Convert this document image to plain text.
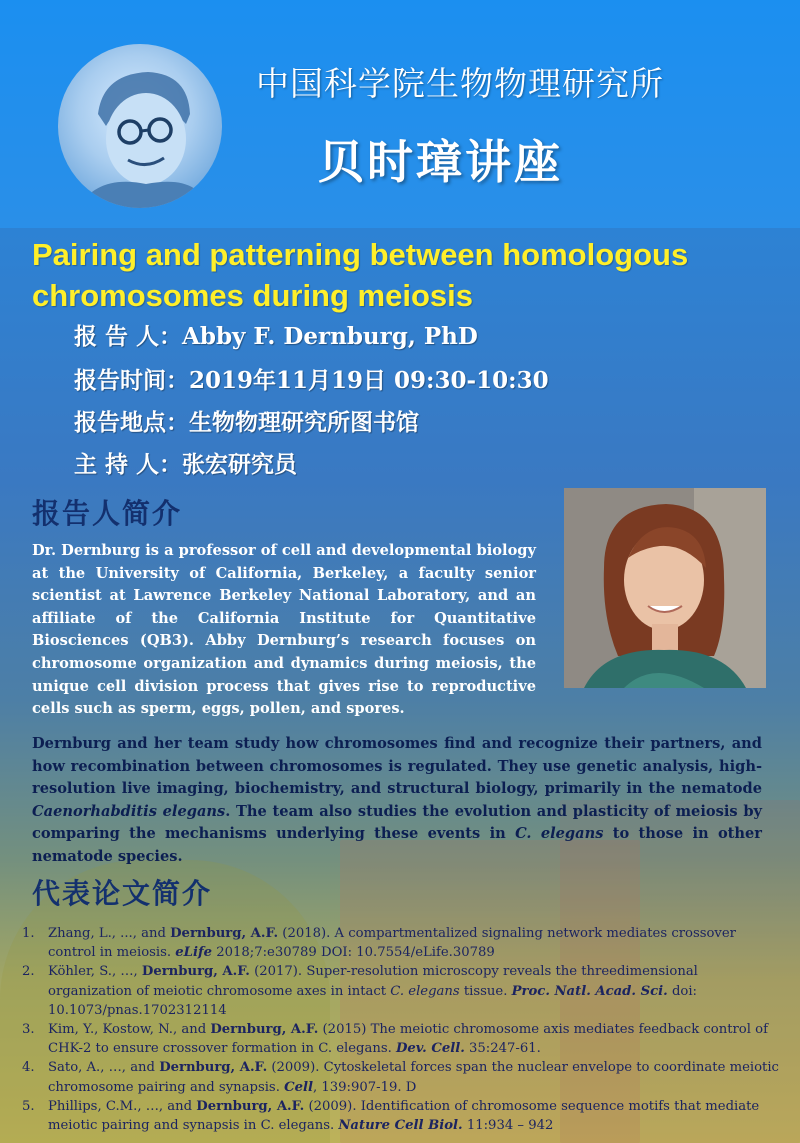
中国科学院生物物理研究所
贝时璋讲座
Pairing and patterning between homologous chromosomes during meiosis
报 告 人：Abby F. Dernburg, PhD
报告时间：2019年11月19日 09:30-10:30
报告地点：生物物理研究所图书馆
主 持 人：张宏研究员
报告人简介
Dr. Dernburg is a professor of cell and developmental biology at the University of California, Berkeley, a faculty senior scientist at Lawrence Berkeley National Laboratory, and an affiliate of the California Institute for Quantitative Biosciences (QB3). Abby Dernburg’s research focuses on chromosome organization and dynamics during meiosis, the unique cell division process that gives rise to reproductive cells such as sperm, eggs, pollen, and spores.
Dernburg and her team study how chromosomes find and recognize their partners, and how recombination between chromosomes is regulated. They use genetic analysis, high-resolution live imaging, biochemistry, and structural biology, primarily in the nematode Caenorhabditis elegans. The team also studies the evolution and plasticity of meiosis by comparing the mechanisms underlying these events in C. elegans to those in other nematode species.
代表论文简介
1. Zhang, L., ..., and Dernburg, A.F. (2018). A compartmentalized signaling network mediates crossover control in meiosis. eLife 2018;7:e30789 DOI: 10.7554/eLife.30789
2. Köhler, S., …, Dernburg, A.F. (2017). Super-resolution microscopy reveals the threedimensional organization of meiotic chromosome axes in intact C. elegans tissue. Proc. Natl. Acad. Sci. doi: 10.1073/pnas.1702312114
3. Kim, Y., Kostow, N., and Dernburg, A.F. (2015) The meiotic chromosome axis mediates feedback control of CHK-2 to ensure crossover formation in C. elegans. Dev. Cell. 35:247-61.
4. Sato, A., …, and Dernburg, A.F. (2009). Cytoskeletal forces span the nuclear envelope to coordinate meiotic chromosome pairing and synapsis. Cell, 139:907-19. D
5. Phillips, C.M., …, and Dernburg, A.F. (2009). Identification of chromosome sequence motifs that mediate meiotic pairing and synapsis in C. elegans. Nature Cell Biol. 11:934 – 942
